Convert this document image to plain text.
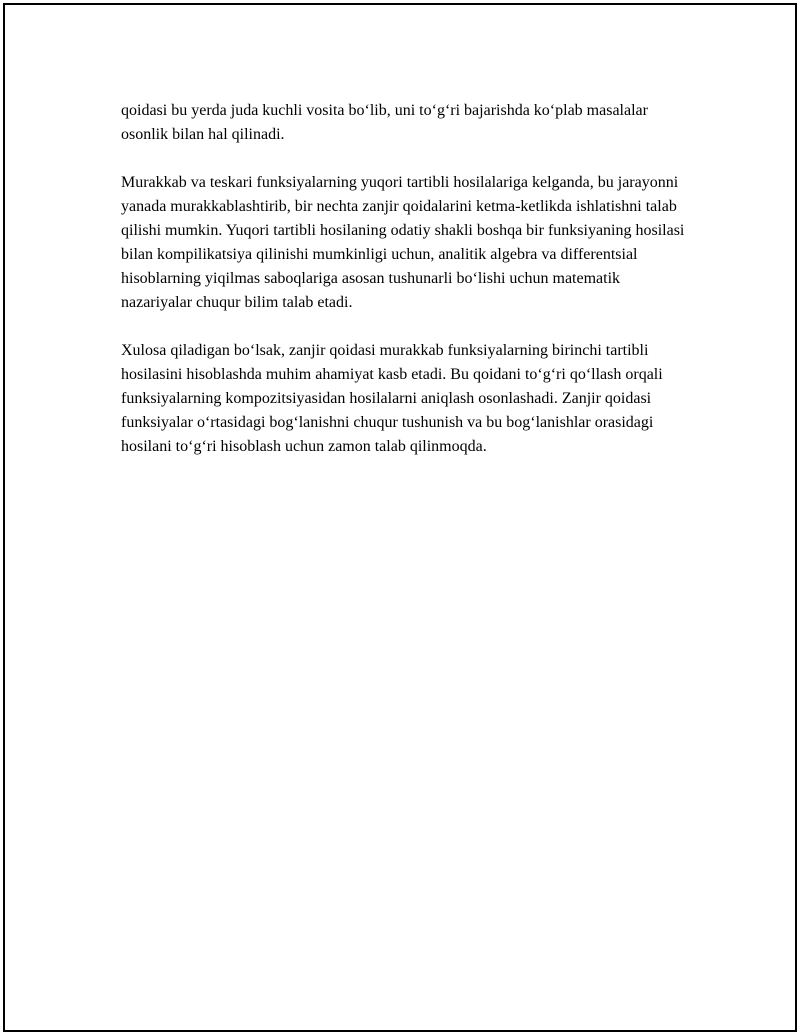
qoidasi bu yerda juda kuchli vosita bo‘lib, uni to‘g‘ri bajarishda ko‘plab masalalar osonlik bilan hal qilinadi.

Murakkab va teskari funksiyalarning yuqori tartibli hosilalariga kelganda, bu jarayonni yanada murakkablashtirib, bir nechta zanjir qoidalarini ketma-ketlikda ishlatishni talab qilishi mumkin. Yuqori tartibli hosilaning odatiy shakli boshqa bir funksiyaning hosilasi bilan kompilikatsiya qilinishi mumkinligi uchun, analitik algebra va differentsial hisoblarning yiqilmas saboqlariga asosan tushunarli bo‘lishi uchun matematik nazariyalar chuqur bilim talab etadi.

Xulosa qiladigan bo‘lsak, zanjir qoidasi murakkab funksiyalarning birinchi tartibli hosilasini hisoblashda muhim ahamiyat kasb etadi. Bu qoidani to‘g‘ri qo‘llash orqali funksiyalarning kompozitsiyasidan hosilalarni aniqlash osonlashadi. Zanjir qoidasi funksiyalar o‘rtasidagi bog‘lanishni chuqur tushunish va bu bog‘lanishlar orasidagi hosilani to‘g‘ri hisoblash uchun zamon talab qilinmoqda.
